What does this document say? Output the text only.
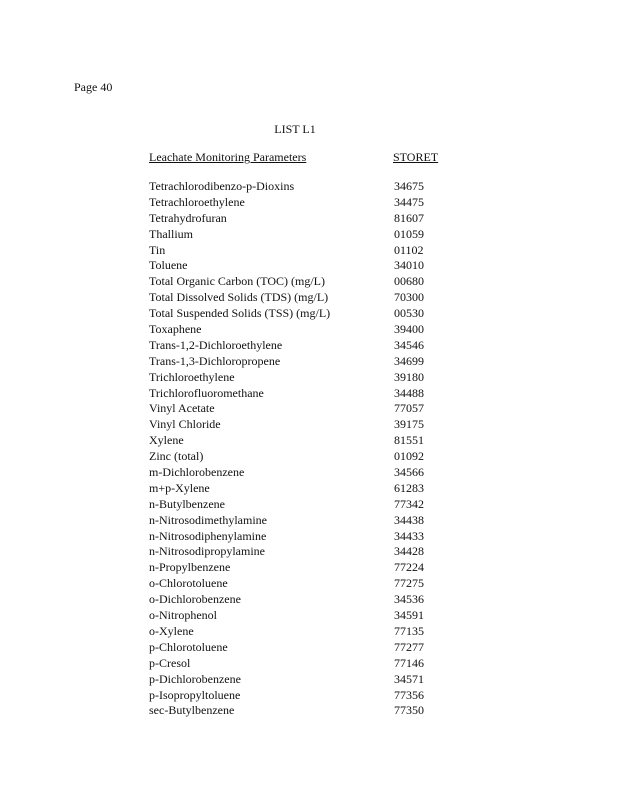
Page 40
LIST L1
Leachate Monitoring Parameters	STORET
Tetrachlorodibenzo-p-Dioxins	34675
Tetrachloroethylene	34475
Tetrahydrofuran	81607
Thallium	01059
Tin	01102
Toluene	34010
Total Organic Carbon (TOC) (mg/L)	00680
Total Dissolved Solids (TDS) (mg/L)	70300
Total Suspended Solids (TSS) (mg/L)	00530
Toxaphene	39400
Trans-1,2-Dichloroethylene	34546
Trans-1,3-Dichloropropene	34699
Trichloroethylene	39180
Trichlorofluoromethane	34488
Vinyl Acetate	77057
Vinyl Chloride	39175
Xylene	81551
Zinc (total)	01092
m-Dichlorobenzene	34566
m+p-Xylene	61283
n-Butylbenzene	77342
n-Nitrosodimethylamine	34438
n-Nitrosodiphenylamine	34433
n-Nitrosodipropylamine	34428
n-Propylbenzene	77224
o-Chlorotoluene	77275
o-Dichlorobenzene	34536
o-Nitrophenol	34591
o-Xylene	77135
p-Chlorotoluene	77277
p-Cresol	77146
p-Dichlorobenzene	34571
p-Isopropyltoluene	77356
sec-Butylbenzene	77350
